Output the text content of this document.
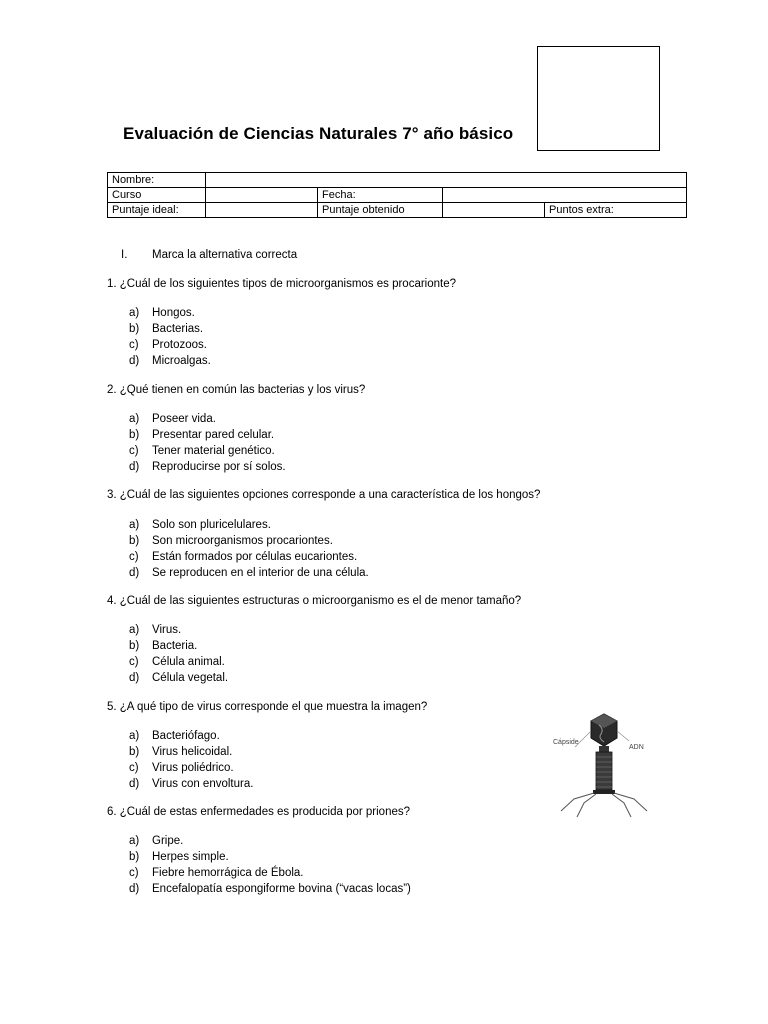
Evaluación de Ciencias Naturales 7° año básico
Nombre:				
Curso		Fecha:		
Puntaje ideal:		Puntaje obtenido		Puntos extra:
I. Marca la alternativa correcta
1. ¿Cuál de los siguientes tipos de microorganismos es procarionte?
a) Hongos.
b) Bacterias.
c) Protozoos.
d) Microalgas.
2. ¿Qué tienen en común las bacterias y los virus?
a) Poseer vida.
b) Presentar pared celular.
c) Tener material genético.
d) Reproducirse por sí solos.
3. ¿Cuál de las siguientes opciones corresponde a una característica de los hongos?
a) Solo son pluricelulares.
b) Son microorganismos procariontes.
c) Están formados por células eucariontes.
d) Se reproducen en el interior de una célula.
4. ¿Cuál de las siguientes estructuras o microorganismo es el de menor tamaño?
a) Virus.
b) Bacteria.
c) Célula animal.
d) Célula vegetal.
5. ¿A qué tipo de virus corresponde el que muestra la imagen?
a) Bacteriófago.
b) Virus helicoidal.
c) Virus poliédrico.
d) Virus con envoltura.
Cápside
ADN
6. ¿Cuál de estas enfermedades es producida por priones?
a) Gripe.
b) Herpes simple.
c) Fiebre hemorrágica de Ébola.
d) Encefalopatía espongiforme bovina (“vacas locas”)
